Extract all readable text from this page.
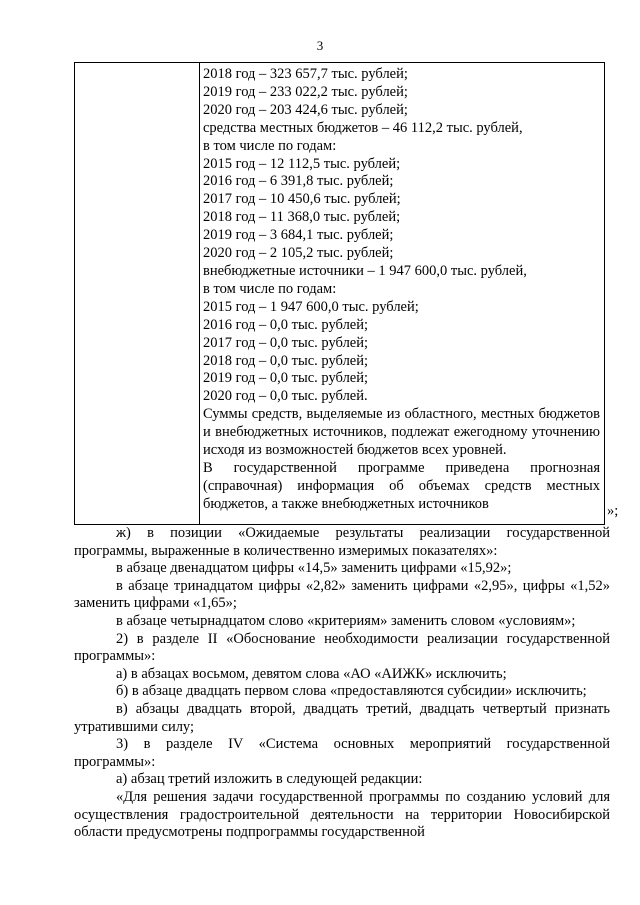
3
2018 год – 323 657,7 тыс. рублей;
2019 год – 233 022,2 тыс. рублей;
2020 год – 203 424,6 тыс. рублей;
средства местных бюджетов – 46 112,2 тыс. рублей,
в том числе по годам:
2015 год – 12 112,5 тыс. рублей;
2016 год – 6 391,8 тыс. рублей;
2017 год – 10 450,6 тыс. рублей;
2018 год – 11 368,0 тыс. рублей;
2019 год – 3 684,1 тыс. рублей;
2020 год – 2 105,2 тыс. рублей;
внебюджетные источники – 1 947 600,0 тыс. рублей,
в том числе по годам:
2015 год – 1 947 600,0 тыс. рублей;
2016 год – 0,0 тыс. рублей;
2017 год – 0,0 тыс. рублей;
2018 год – 0,0 тыс. рублей;
2019 год – 0,0 тыс. рублей;
2020 год – 0,0 тыс. рублей.
Суммы средств, выделяемые из областного, местных бюджетов и внебюджетных источников, подлежат ежегодному уточнению исходя из возможностей бюджетов всех уровней.
В государственной программе приведена прогнозная (справочная) информация об объемах средств местных бюджетов, а также внебюджетных источников	»;

ж) в позиции «Ожидаемые результаты реализации государственной программы, выраженные в количественно измеримых показателях»:

в абзаце двенадцатом цифры «14,5» заменить цифрами «15,92»;

в абзаце тринадцатом цифры «2,82» заменить цифрами «2,95», цифры «1,52» заменить цифрами «1,65»;

в абзаце четырнадцатом слово «критериям» заменить словом «условиям»;

2) в разделе II «Обоснование необходимости реализации государственной программы»:

а) в абзацах восьмом, девятом слова «АО «АИЖК» исключить;

б) в абзаце двадцать первом слова «предоставляются субсидии» исключить;

в) абзацы двадцать второй, двадцать третий, двадцать четвертый признать утратившими силу;

3) в разделе IV «Система основных мероприятий государственной программы»:

а) абзац третий изложить в следующей редакции:

«Для решения задачи государственной программы по созданию условий для осуществления градостроительной деятельности на территории Новосибирской области предусмотрены подпрограммы государственной
